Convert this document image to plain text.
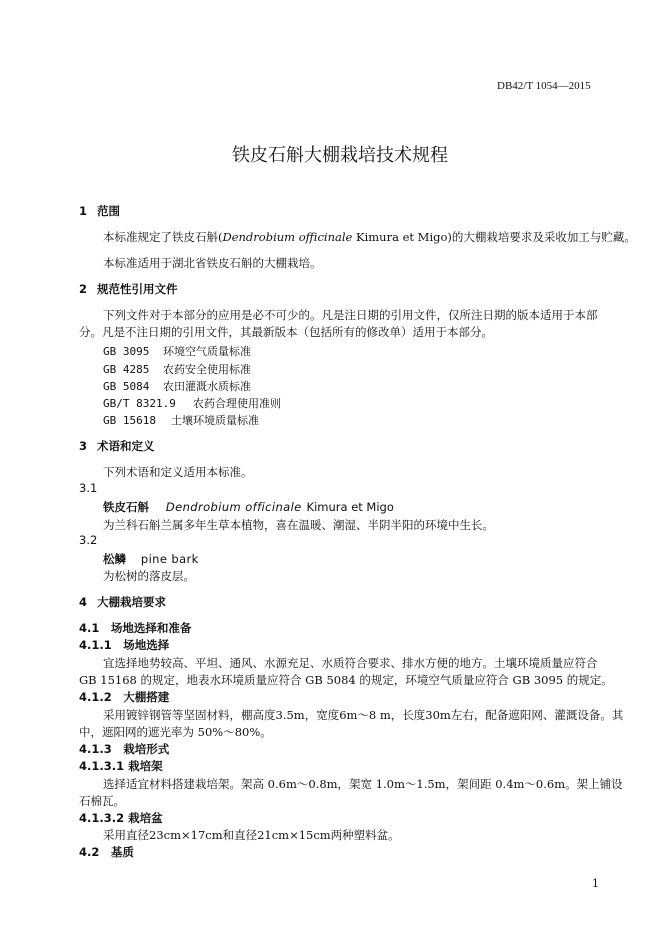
DB42/T 1054—2015
铁皮石斛大棚栽培技术规程
1 范围
本标准规定了铁皮石斛(Dendrobium officinale Kimura et Migo)的大棚栽培要求及采收加工与贮藏。
本标准适用于湖北省铁皮石斛的大棚栽培。
2 规范性引用文件
下列文件对于本部分的应用是必不可少的。凡是注日期的引用文件，仅所注日期的版本适用于本部
分。凡是不注日期的引用文件，其最新版本（包括所有的修改单）适用于本部分。
GB 3095 环境空气质量标准
GB 4285 农药安全使用标准
GB 5084 农田灌溉水质标准
GB/T 8321.9 农药合理使用准则
GB 15618 土壤环境质量标准
3 术语和定义
下列术语和定义适用本标准。
3.1
铁皮石斛 Dendrobium officinale Kimura et Migo
为兰科石斛兰属多年生草本植物，喜在温暖、潮湿、半阴半阳的环境中生长。
3.2
松鳞 pine bark
为松树的落皮层。
4 大棚栽培要求
4.1　场地选择和准备
4.1.1　场地选择
宜选择地势较高、平坦、通风、水源充足、水质符合要求、排水方便的地方。土壤环境质量应符合
GB 15168 的规定，地表水环境质量应符合 GB 5084 的规定，环境空气质量应符合 GB 3095 的规定。
4.1.2　大棚搭建
采用镀锌钢管等坚固材料，棚高度3.5m，宽度6m～8 m，长度30m左右，配备遮阳网、灌溉设备。其
中，遮阳网的遮光率为 50%～80%。
4.1.3　栽培形式
4.1.3.1 栽培架
选择适宜材料搭建栽培架。架高 0.6m～0.8m，架宽 1.0m～1.5m，架间距 0.4m～0.6m。架上铺设
石棉瓦。
4.1.3.2 栽培盆
采用直径23cm×17cm和直径21cm×15cm两种塑料盆。
4.2　基质
1
